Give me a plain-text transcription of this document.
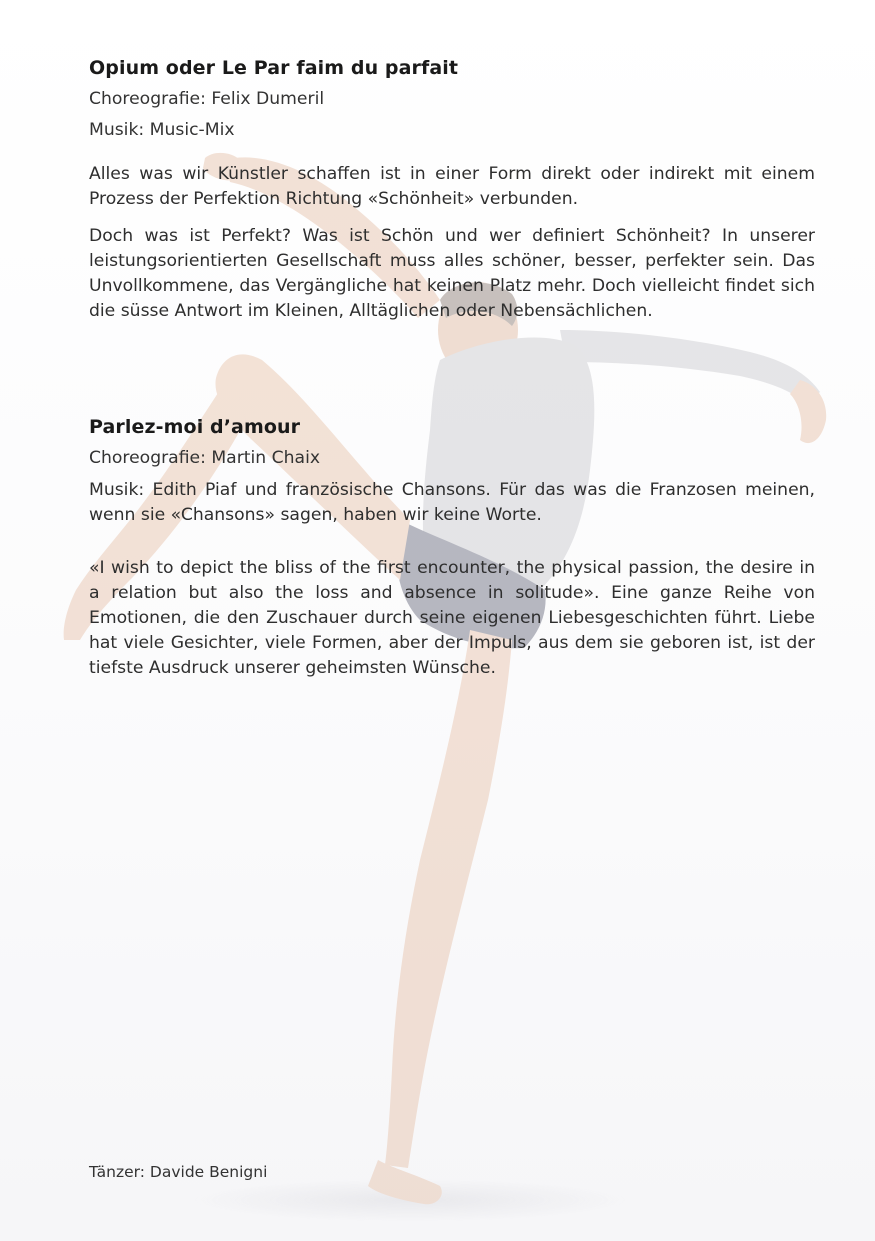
Opium oder Le Par faim du parfait

Choreografie: Felix Dumeril

Musik: Music-Mix

Alles was wir Künstler schaffen ist in einer Form direkt oder indirekt mit einem Prozess der Perfektion Richtung «Schönheit» verbunden.

Doch was ist Perfekt? Was ist Schön und wer definiert Schönheit? In unserer leistungsorientierten Gesellschaft muss alles schöner, besser, perfekter sein. Das Unvollkommene, das Vergängliche hat keinen Platz mehr. Doch vielleicht findet sich die süsse Antwort im Kleinen, Alltäglichen oder Nebensächlichen.

Parlez-moi d’amour

Choreografie: Martin Chaix

Musik: Edith Piaf und französische Chansons. Für das was die Franzosen meinen, wenn sie «Chansons» sagen, haben wir keine Worte.

«I wish to depict the bliss of the first encounter, the physical passion, the desire in a relation but also the loss and absence in solitude». Eine ganze Reihe von Emotionen, die den Zuschauer durch seine eigenen Liebesgeschichten führt. Liebe hat viele Gesichter, viele Formen, aber der Impuls, aus dem sie geboren ist, ist der tiefste Ausdruck unserer geheimsten Wünsche.

Tänzer: Davide Benigni
